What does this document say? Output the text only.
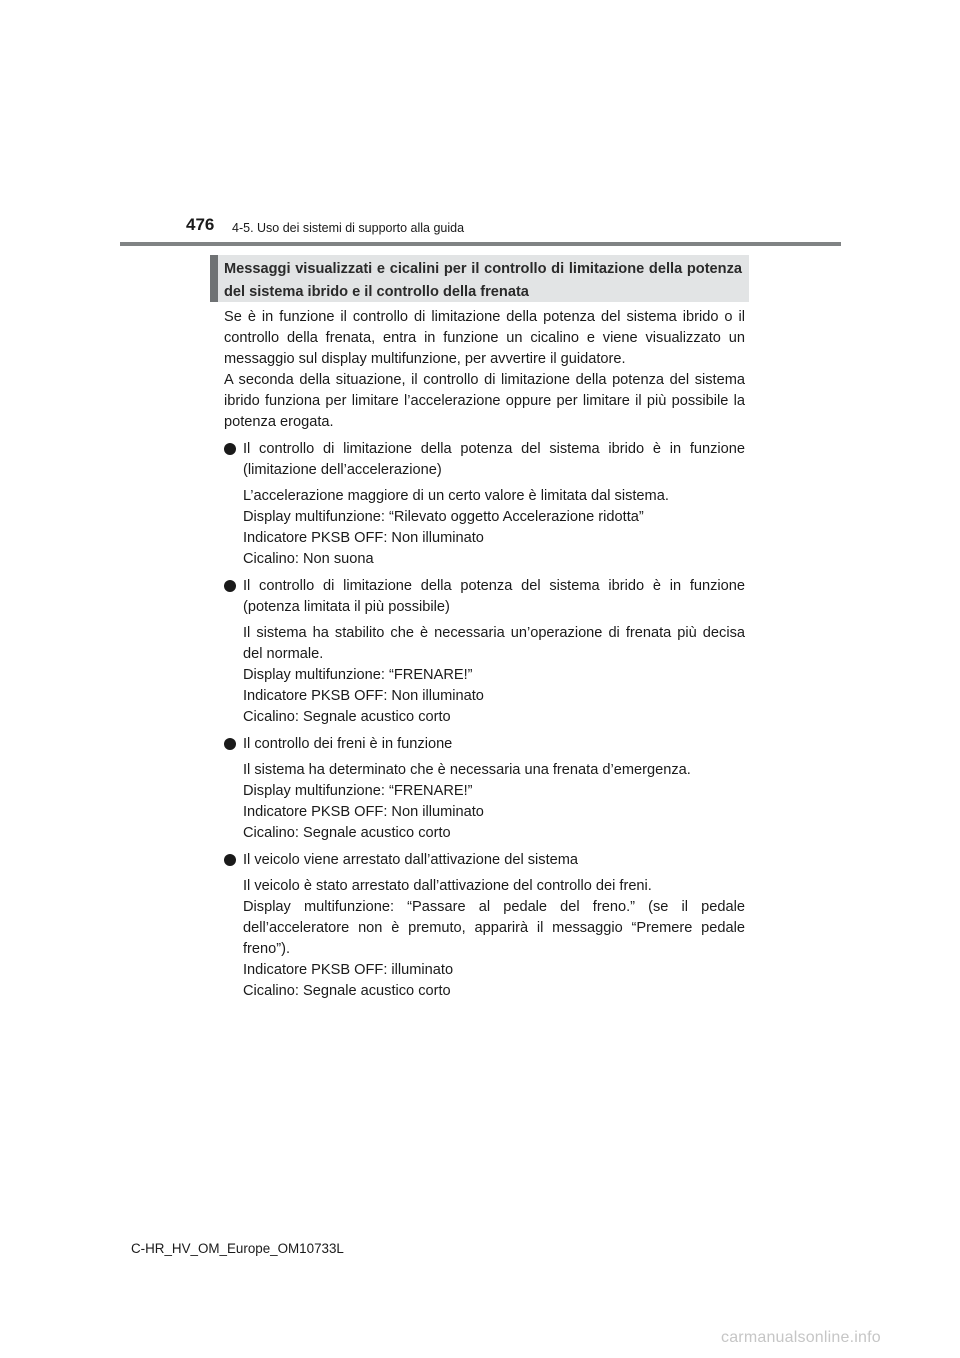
476 4-5. Uso dei sistemi di supporto alla guida
Messaggi visualizzati e cicalini per il controllo di limitazione della potenza del sistema ibrido e il controllo della frenata

Se è in funzione il controllo di limitazione della potenza del sistema ibrido o il controllo della frenata, entra in funzione un cicalino e viene visualizzato un messaggio sul display multifunzione, per avvertire il guidatore.

A seconda della situazione, il controllo di limitazione della potenza del sistema ibrido funziona per limitare l’accelerazione oppure per limitare il più possibile la potenza erogata.

Il controllo di limitazione della potenza del sistema ibrido è in funzione (limitazione dell’accelerazione)

L’accelerazione maggiore di un certo valore è limitata dal sistema.

Display multifunzione: “Rilevato oggetto Accelerazione ridotta”

Indicatore PKSB OFF: Non illuminato

Cicalino: Non suona

Il controllo di limitazione della potenza del sistema ibrido è in funzione (potenza limitata il più possibile)

Il sistema ha stabilito che è necessaria un’operazione di frenata più decisa del normale.

Display multifunzione: “FRENARE!”

Indicatore PKSB OFF: Non illuminato

Cicalino: Segnale acustico corto

Il controllo dei freni è in funzione

Il sistema ha determinato che è necessaria una frenata d’emergenza.

Display multifunzione: “FRENARE!”

Indicatore PKSB OFF: Non illuminato

Cicalino: Segnale acustico corto

Il veicolo viene arrestato dall’attivazione del sistema

Il veicolo è stato arrestato dall’attivazione del controllo dei freni.

Display multifunzione: “Passare al pedale del freno.” (se il pedale dell’acceleratore non è premuto, apparirà il messaggio “Premere pedale freno”).

Indicatore PKSB OFF: illuminato

Cicalino: Segnale acustico corto

C-HR_HV_OM_Europe_OM10733L
carmanualsonline.info
